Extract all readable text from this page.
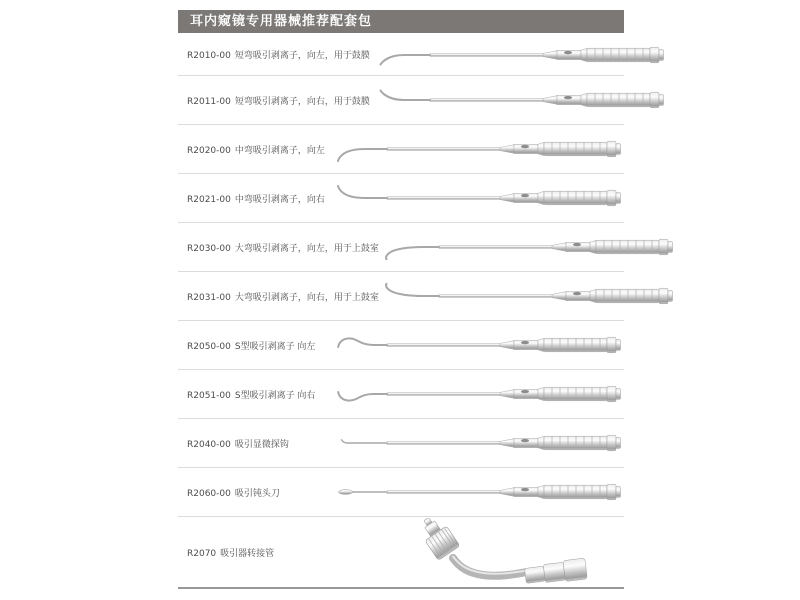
耳内窥镜专用器械推荐配套包
R2010-00 短弯吸引剥离子，向左，用于鼓膜
R2011-00 短弯吸引剥离子，向右，用于鼓膜
R2020-00 中弯吸引剥离子，向左
R2021-00 中弯吸引剥离子，向右
R2030-00 大弯吸引剥离子，向左，用于上鼓室
R2031-00 大弯吸引剥离子，向右，用于上鼓室
R2050-00 S型吸引剥离子 向左
R2051-00 S型吸引剥离子 向右
R2040-00 吸引显微探钩
R2060-00 吸引钝头刀
R2070 吸引器转接管
